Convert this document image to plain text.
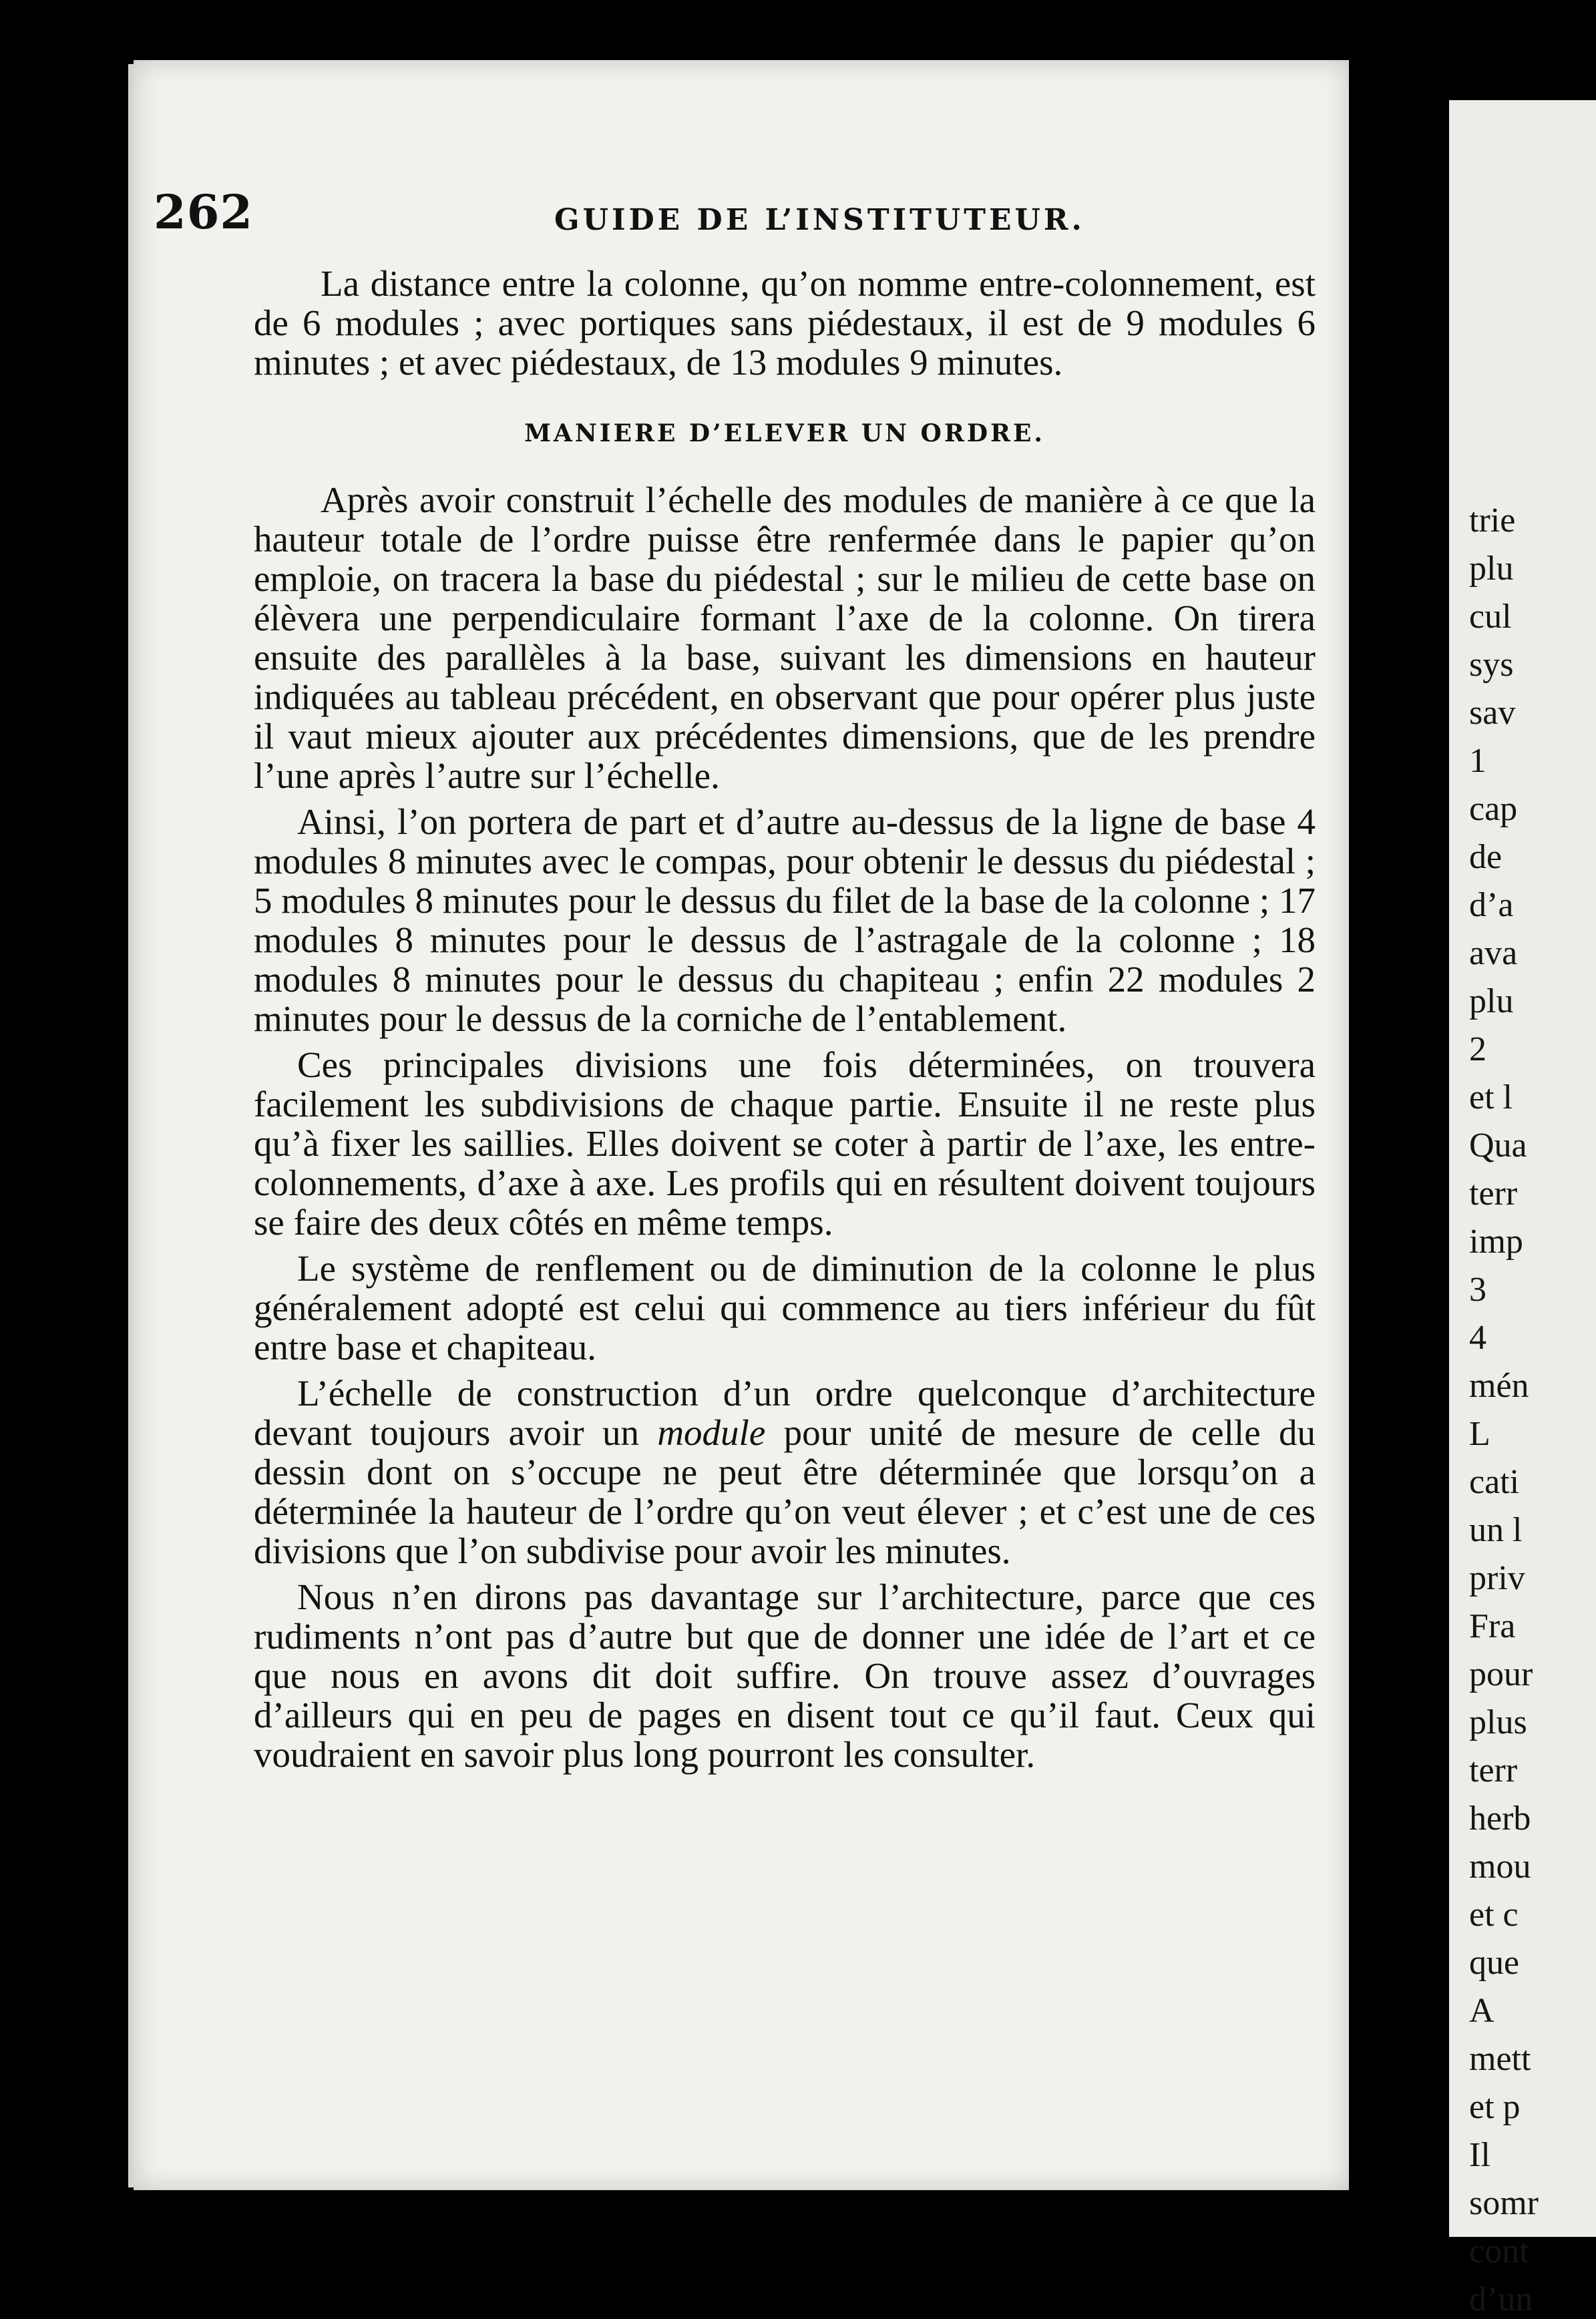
262	GUIDE DE L’INSTITUTEUR.

La distance entre la colonne, qu’on nomme entre-colonnement, est de 6 modules ; avec portiques sans piédestaux, il est de 9 modules 6 minutes ; et avec piédestaux, de 13 modules 9 minutes.

MANIERE D’ELEVER UN ORDRE.

Après avoir construit l’échelle des modules de manière à ce que la hauteur totale de l’ordre puisse être renfermée dans le papier qu’on emploie, on tracera la base du piédestal ; sur le milieu de cette base on élèvera une perpendiculaire formant l’axe de la colonne. On tirera ensuite des parallèles à la base, suivant les dimensions en hauteur indiquées au tableau précédent, en observant que pour opérer plus juste il vaut mieux ajouter aux précédentes dimensions, que de les prendre l’une après l’autre sur l’échelle.

Ainsi, l’on portera de part et d’autre au-dessus de la ligne de base 4 modules 8 minutes avec le compas, pour obtenir le dessus du piédestal ; 5 modules 8 minutes pour le dessus du filet de la base de la colonne ; 17 modules 8 minutes pour le dessus de l’astragale de la colonne ; 18 modules 8 minutes pour le dessus du chapiteau ; enfin 22 modules 2 minutes pour le dessus de la corniche de l’entablement.

Ces principales divisions une fois déterminées, on trouvera facilement les subdivisions de chaque partie. Ensuite il ne reste plus qu’à fixer les saillies. Elles doivent se coter à partir de l’axe, les entre-colonnements, d’axe à axe. Les profils qui en résultent doivent toujours se faire des deux côtés en même temps.

Le système de renflement ou de diminution de la colonne le plus généralement adopté est celui qui commence au tiers inférieur du fût entre base et chapiteau.

L’échelle de construction d’un ordre quelconque d’architecture devant toujours avoir un module pour unité de mesure de celle du dessin dont on s’occupe ne peut être déterminée que lorsqu’on a déterminée la hauteur de l’ordre qu’on veut élever ; et c’est une de ces divisions que l’on subdivise pour avoir les minutes.

Nous n’en dirons pas davantage sur l’architecture, parce que ces rudiments n’ont pas d’autre but que de donner une idée de l’art et ce que nous en avons dit doit suffire. On trouve assez d’ouvrages d’ailleurs qui en peu de pages en disent tout ce qu’il faut. Ceux qui voudraient en savoir plus long pourront les consulter.

trie
plu
cul
sys
sav
1
cap
de
d’a
ava
plu
2
et l
Qua
terr
imp
3
4
mén
L
cati
un l
priv
Fra
pour
plus
terr
herb
mou
et c
que
A
mett
et p
Il
somr
cont
d’un
